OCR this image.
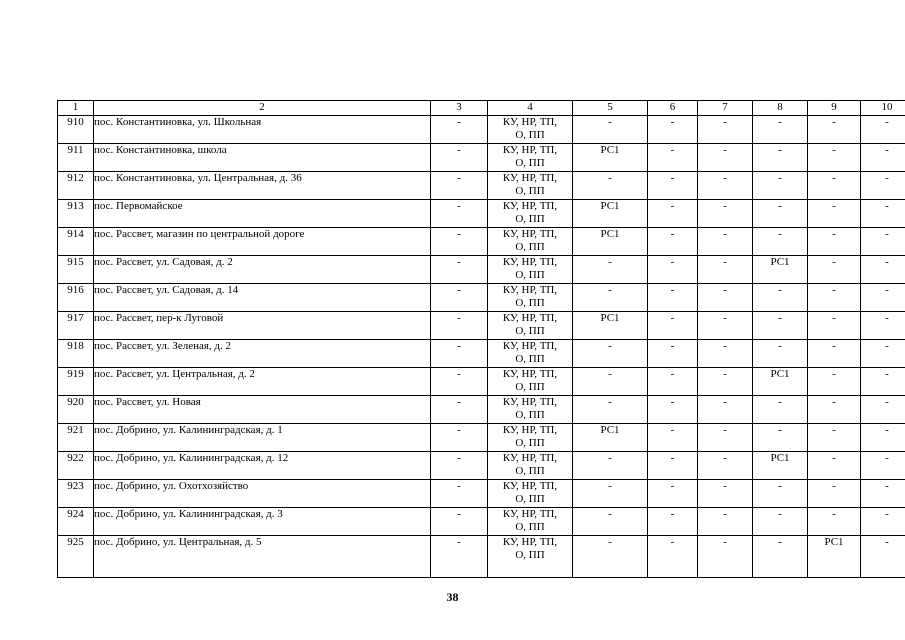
1	2	3	4	5	6	7	8	9	10
910	пос. Константиновка, ул. Школьная	-	КУ, НР, ТП,
О, ПП	-	-	-	-	-	-
911	пос. Константиновка, школа	-	КУ, НР, ТП,
О, ПП	РС1	-	-	-	-	-
912	пос. Константиновка, ул. Центральная, д. 36	-	КУ, НР, ТП,
О, ПП	-	-	-	-	-	-
913	пос. Первомайское	-	КУ, НР, ТП,
О, ПП	РС1	-	-	-	-	-
914	пос. Рассвет, магазин по центральной дороге	-	КУ, НР, ТП,
О, ПП	РС1	-	-	-	-	-
915	пос. Рассвет, ул. Садовая, д. 2	-	КУ, НР, ТП,
О, ПП	-	-	-	РС1	-	-
916	пос. Рассвет, ул. Садовая, д. 14	-	КУ, НР, ТП,
О, ПП	-	-	-	-	-	-
917	пос. Рассвет, пер-к Луговой	-	КУ, НР, ТП,
О, ПП	РС1	-	-	-	-	-
918	пос. Рассвет, ул. Зеленая, д. 2	-	КУ, НР, ТП,
О, ПП	-	-	-	-	-	-
919	пос. Рассвет, ул. Центральная, д. 2	-	КУ, НР, ТП,
О, ПП	-	-	-	РС1	-	-
920	пос. Рассвет, ул. Новая	-	КУ, НР, ТП,
О, ПП	-	-	-	-	-	-
921	пос. Добрино, ул. Калининградская, д. 1	-	КУ, НР, ТП,
О, ПП	РС1	-	-	-	-	-
922	пос. Добрино, ул. Калининградская, д. 12	-	КУ, НР, ТП,
О, ПП	-	-	-	РС1	-	-
923	пос. Добрино, ул. Охотхозяйство	-	КУ, НР, ТП,
О, ПП	-	-	-	-	-	-
924	пос. Добрино, ул. Калининградская, д. 3	-	КУ, НР, ТП,
О, ПП	-	-	-	-	-	-
925	пос. Добрино, ул. Центральная, д. 5	-	КУ, НР, ТП,
О, ПП	-	-	-	-	РС1	-
38
